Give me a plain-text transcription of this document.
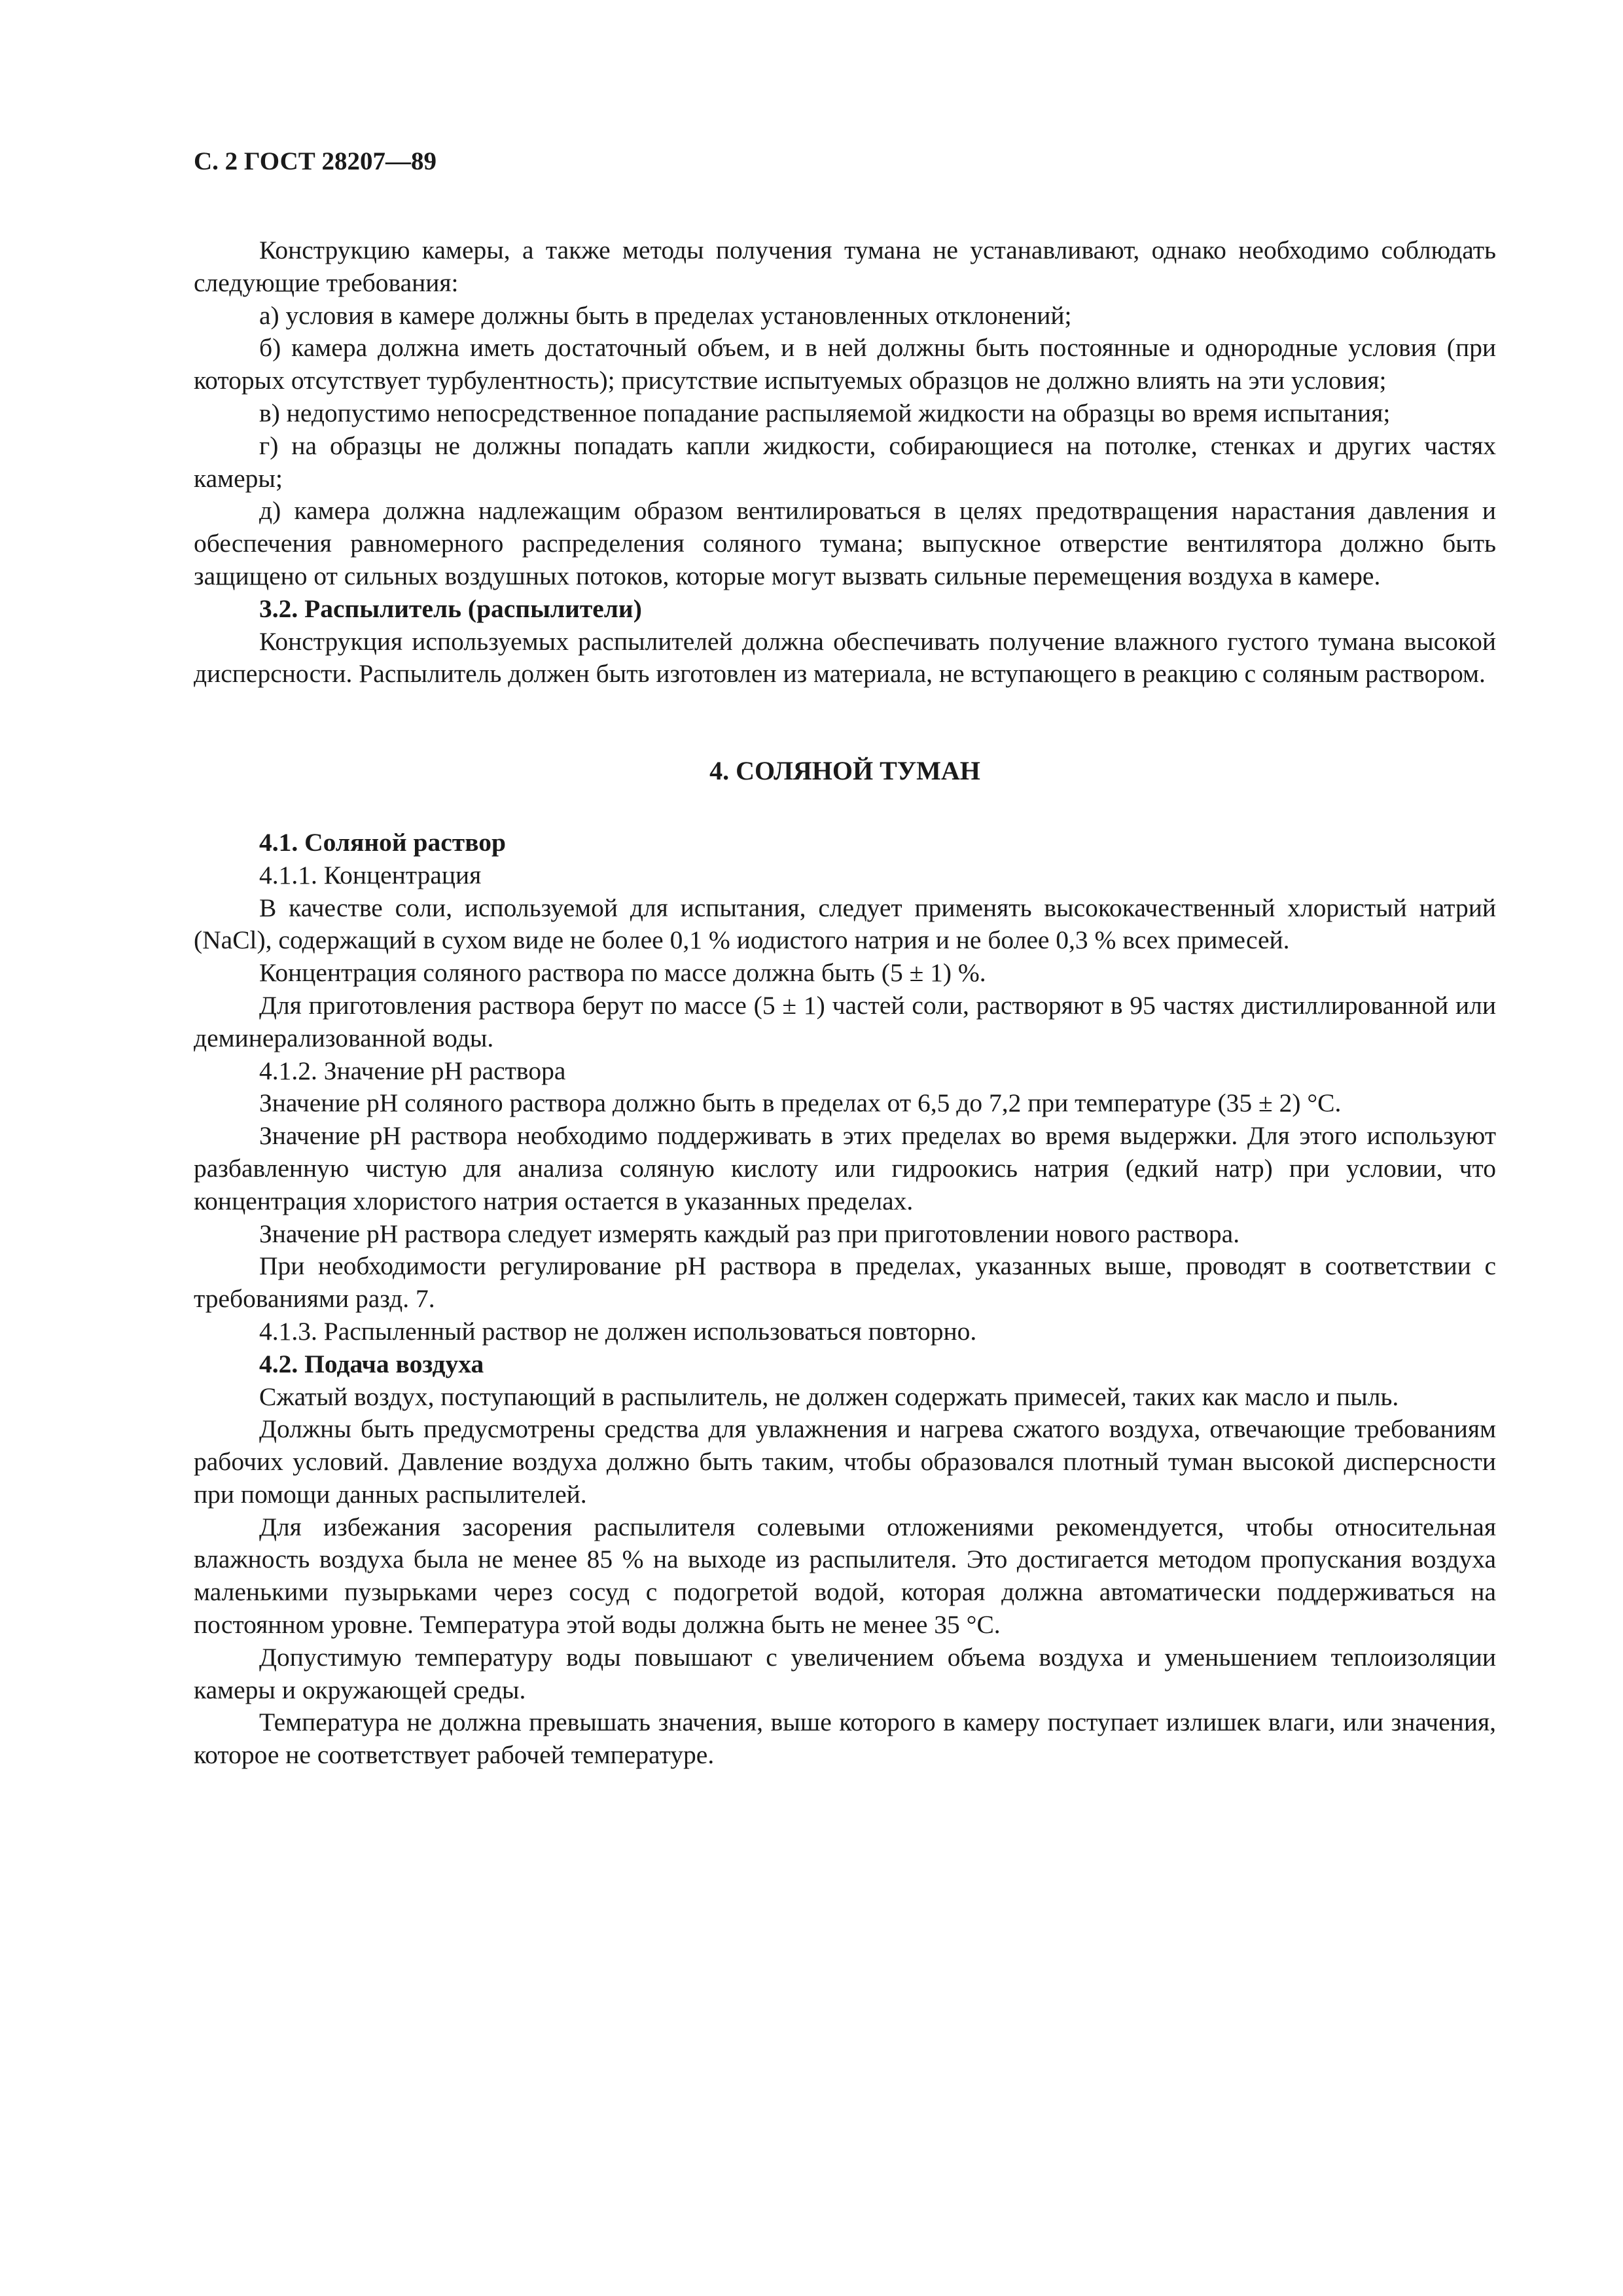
С. 2 ГОСТ 28207—89

Конструкцию камеры, а также методы получения тумана не устанавливают, однако необходимо соблюдать следующие требования:

а) условия в камере должны быть в пределах установленных отклонений;

б) камера должна иметь достаточный объем, и в ней должны быть постоянные и однородные условия (при которых отсутствует турбулентность); присутствие испытуемых образцов не должно влиять на эти условия;

в) недопустимо непосредственное попадание распыляемой жидкости на образцы во время испытания;

г) на образцы не должны попадать капли жидкости, собирающиеся на потолке, стенках и других частях камеры;

д) камера должна надлежащим образом вентилироваться в целях предотвращения нарастания давления и обеспечения равномерного распределения соляного тумана; выпускное отверстие вентилятора должно быть защищено от сильных воздушных потоков, которые могут вызвать сильные перемещения воздуха в камере.

3.2. Распылитель (распылители)

Конструкция используемых распылителей должна обеспечивать получение влажного густого тумана высокой дисперсности. Распылитель должен быть изготовлен из материала, не вступающего в реакцию с соляным раствором.

4. СОЛЯНОЙ ТУМАН

4.1. Соляной раствор

4.1.1. Концентрация

В качестве соли, используемой для испытания, следует применять высококачественный хлористый натрий (NaCl), содержащий в сухом виде не более 0,1 % иодистого натрия и не более 0,3 % всех примесей.

Концентрация соляного раствора по массе должна быть (5 ± 1) %.

Для приготовления раствора берут по массе (5 ± 1) частей соли, растворяют в 95 частях дистиллированной или деминерализованной воды.

4.1.2. Значение pH раствора

Значение pH соляного раствора должно быть в пределах от 6,5 до 7,2 при температуре (35 ± 2) °С.

Значение pH раствора необходимо поддерживать в этих пределах во время выдержки. Для этого используют разбавленную чистую для анализа соляную кислоту или гидроокись натрия (едкий натр) при условии, что концентрация хлористого натрия остается в указанных пределах.

Значение pH раствора следует измерять каждый раз при приготовлении нового раствора.

При необходимости регулирование pH раствора в пределах, указанных выше, проводят в соответствии с требованиями разд. 7.

4.1.3. Распыленный раствор не должен использоваться повторно.

4.2. Подача воздуха

Сжатый воздух, поступающий в распылитель, не должен содержать примесей, таких как масло и пыль.

Должны быть предусмотрены средства для увлажнения и нагрева сжатого воздуха, отвечающие требованиям рабочих условий. Давление воздуха должно быть таким, чтобы образовался плотный туман высокой дисперсности при помощи данных распылителей.

Для избежания засорения распылителя солевыми отложениями рекомендуется, чтобы относительная влажность воздуха была не менее 85 % на выходе из распылителя. Это достигается методом пропускания воздуха маленькими пузырьками через сосуд с подогретой водой, которая должна автоматически поддерживаться на постоянном уровне. Температура этой воды должна быть не менее 35 °С.

Допустимую температуру воды повышают с увеличением объема воздуха и уменьшением теплоизоляции камеры и окружающей среды.

Температура не должна превышать значения, выше которого в камеру поступает излишек влаги, или значения, которое не соответствует рабочей температуре.
